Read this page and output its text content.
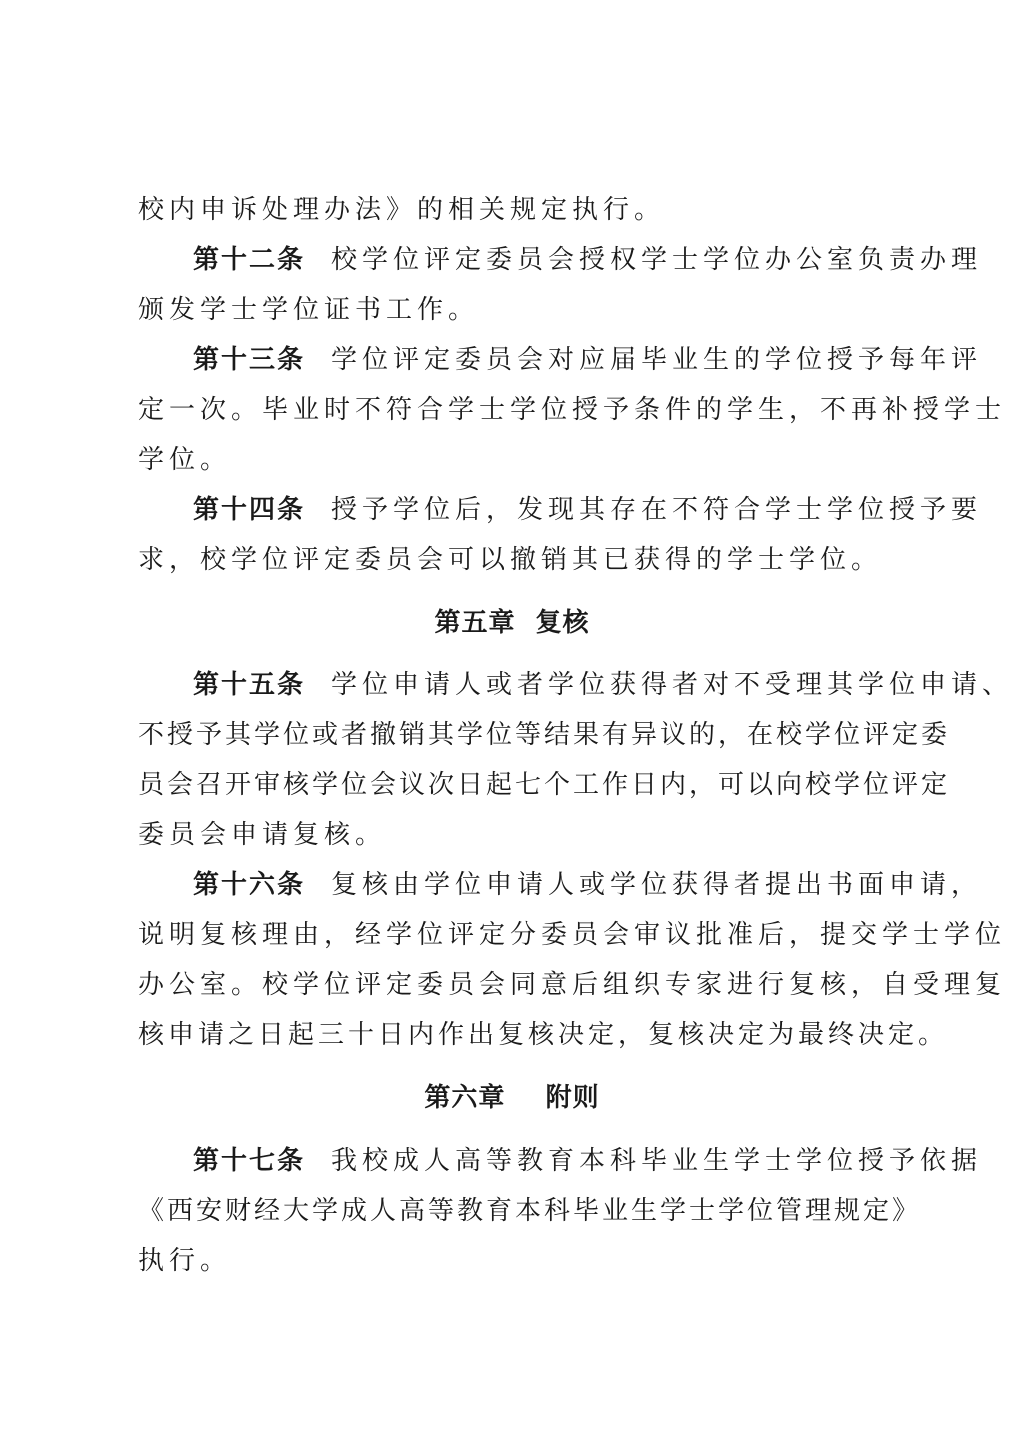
校内申诉处理办法》的相关规定执行。
第十二条 校学位评定委员会授权学士学位办公室负责办理
颁发学士学位证书工作。
第十三条 学位评定委员会对应届毕业生的学位授予每年评
定一次。毕业时不符合学士学位授予条件的学生，不再补授学士
学位。
第十四条 授予学位后，发现其存在不符合学士学位授予要
求，校学位评定委员会可以撤销其已获得的学士学位。
第五章  复核
第十五条 学位申请人或者学位获得者对不受理其学位申请、
不授予其学位或者撤销其学位等结果有异议的，在校学位评定委
员会召开审核学位会议次日起七个工作日内，可以向校学位评定
委员会申请复核。
第十六条 复核由学位申请人或学位获得者提出书面申请，
说明复核理由，经学位评定分委员会审议批准后，提交学士学位
办公室。校学位评定委员会同意后组织专家进行复核，自受理复
核申请之日起三十日内作出复核决定，复核决定为最终决定。
第六章    附则
第十七条 我校成人高等教育本科毕业生学士学位授予依据
《西安财经大学成人高等教育本科毕业生学士学位管理规定》
执行。
